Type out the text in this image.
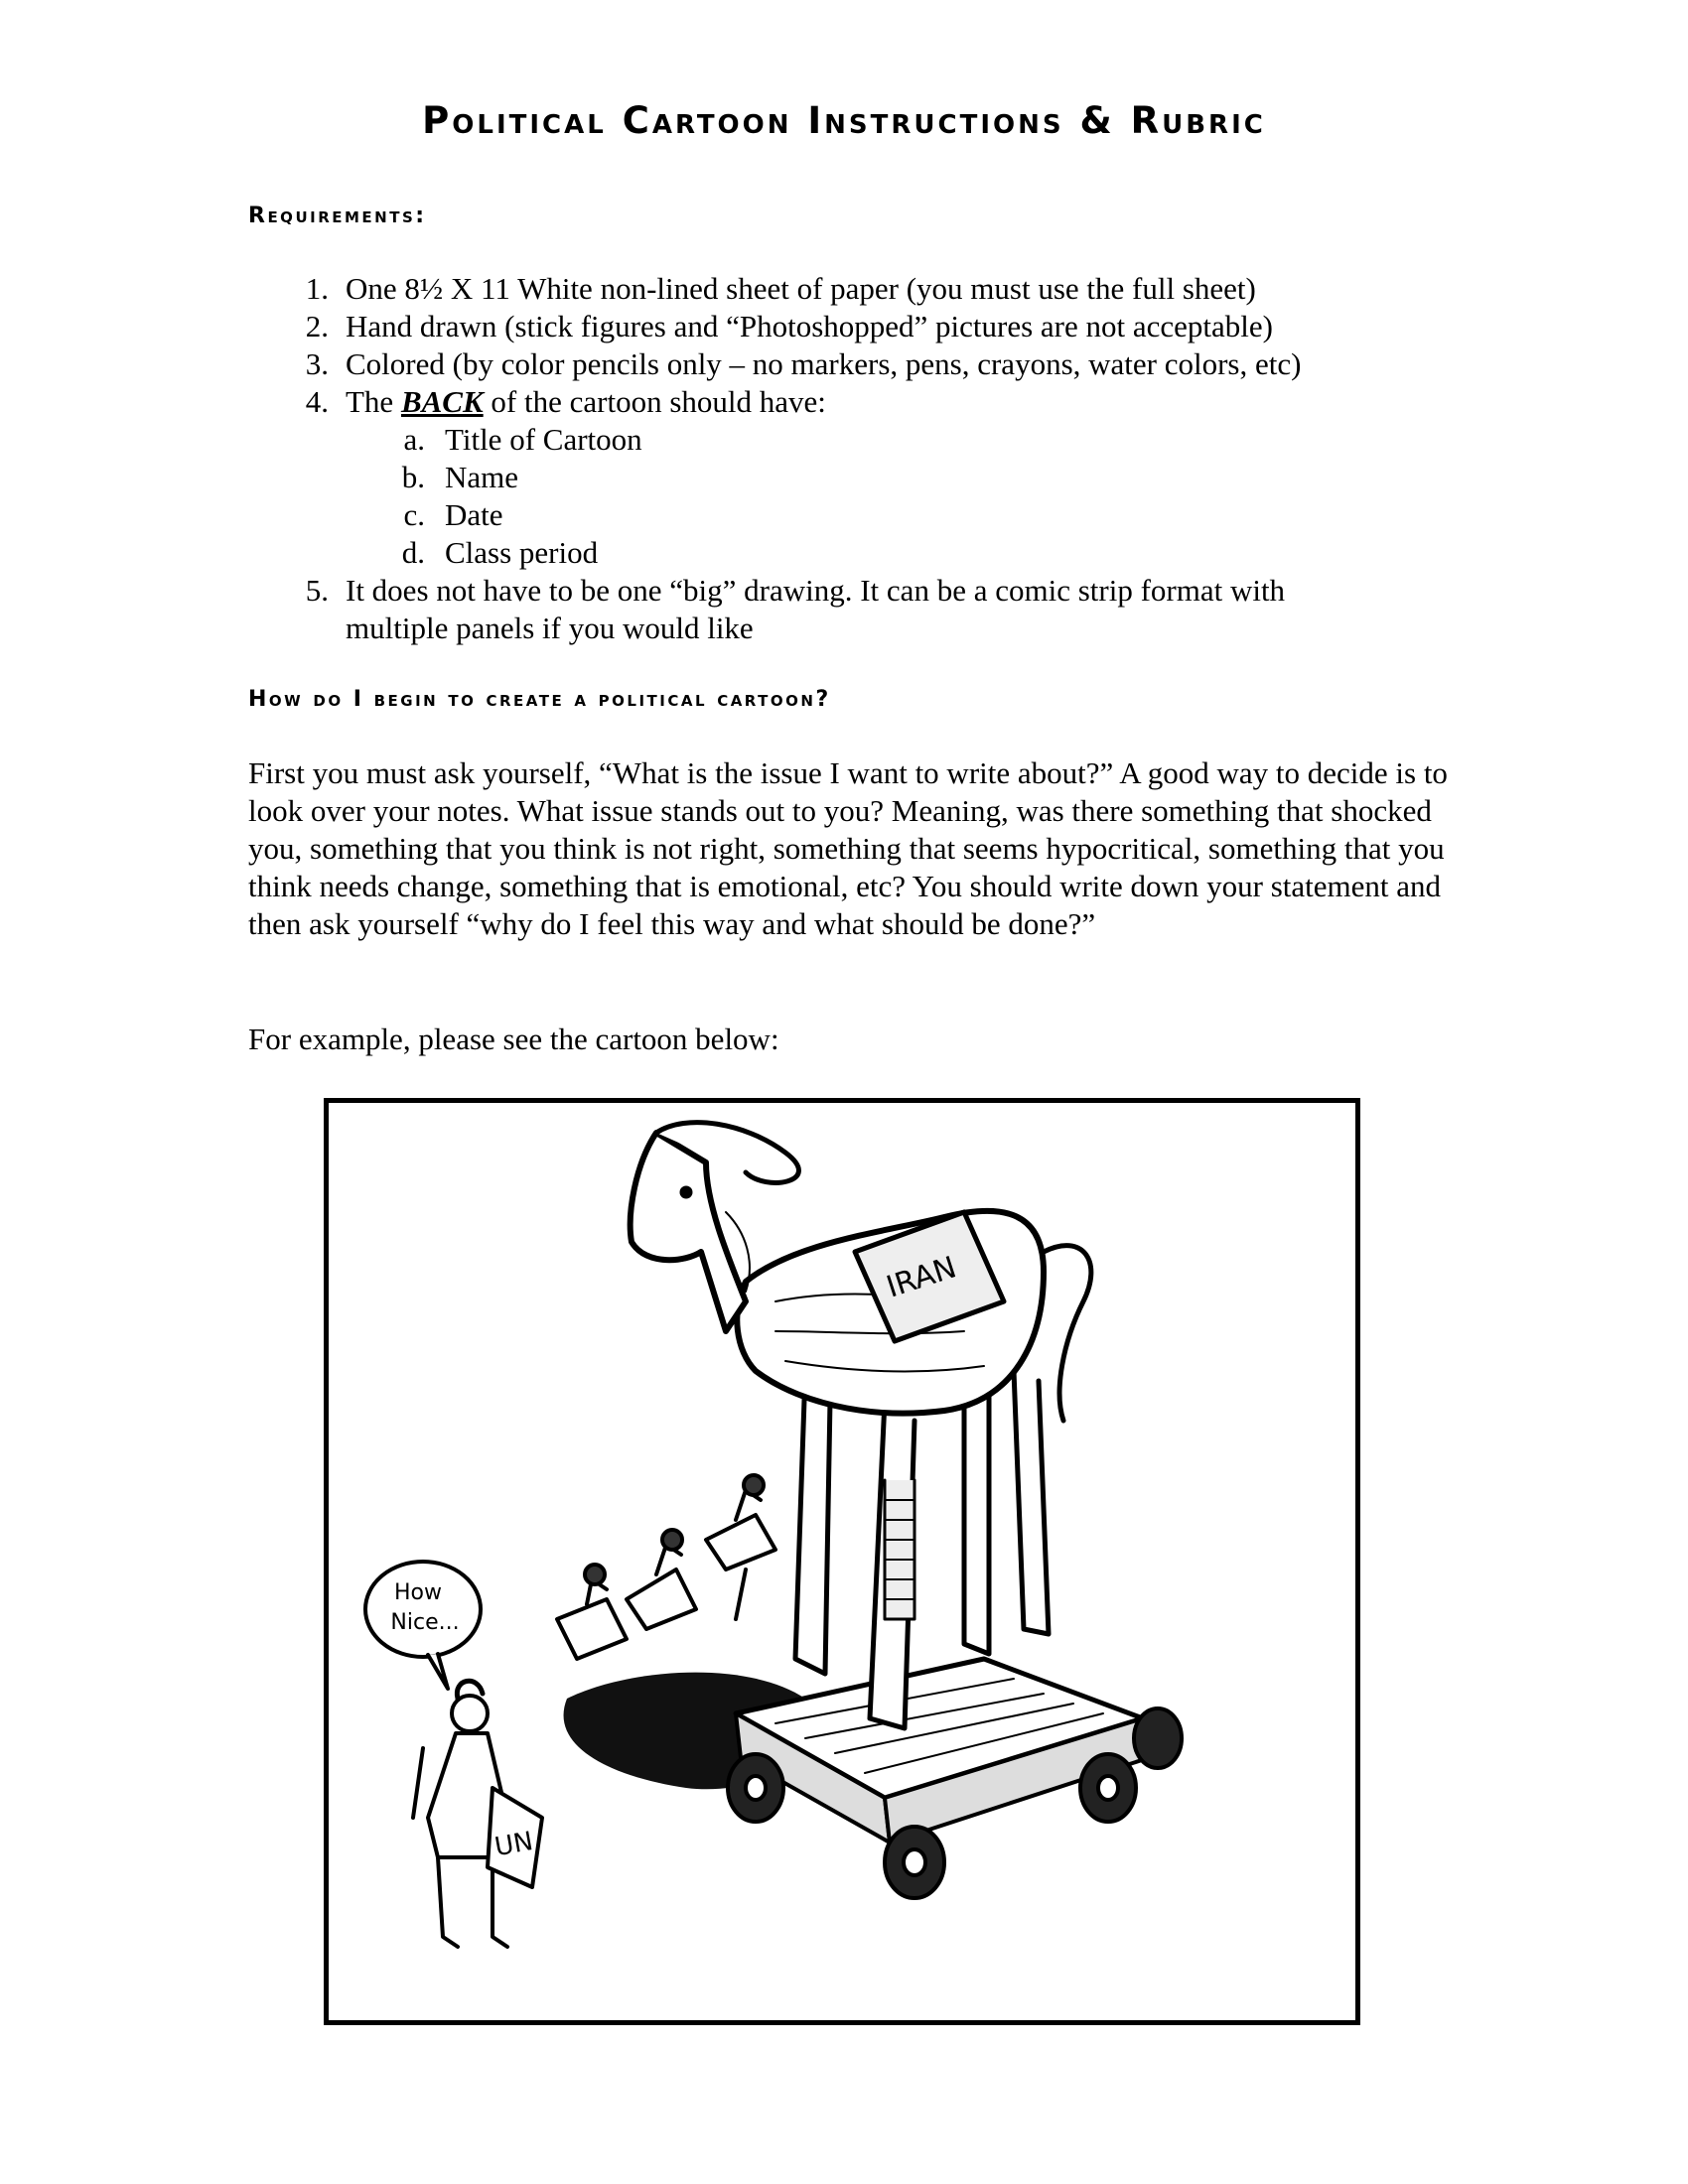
Political Cartoon Instructions & Rubric
Requirements:
1. One 8½ X 11 White non-lined sheet of paper (you must use the full sheet)
2. Hand drawn (stick figures and “Photoshopped” pictures are not acceptable)
3. Colored (by color pencils only – no markers, pens, crayons, water colors, etc)
4. The BACK of the cartoon should have:
a. Title of Cartoon
b. Name
c. Date
d. Class period
5. It does not have to be one “big” drawing. It can be a comic strip format with
multiple panels if you would like
How do I begin to create a political cartoon?

First you must ask yourself, “What is the issue I want to write about?” A good way to decide is to look over your notes. What issue stands out to you? Meaning, was there something that shocked you, something that you think is not right, something that seems hypocritical, something that you think needs change, something that is emotional, etc? You should write down your statement and then ask yourself “why do I feel this way and what should be done?”

For example, please see the cartoon below:

IRAN
How
Nice...
UN
